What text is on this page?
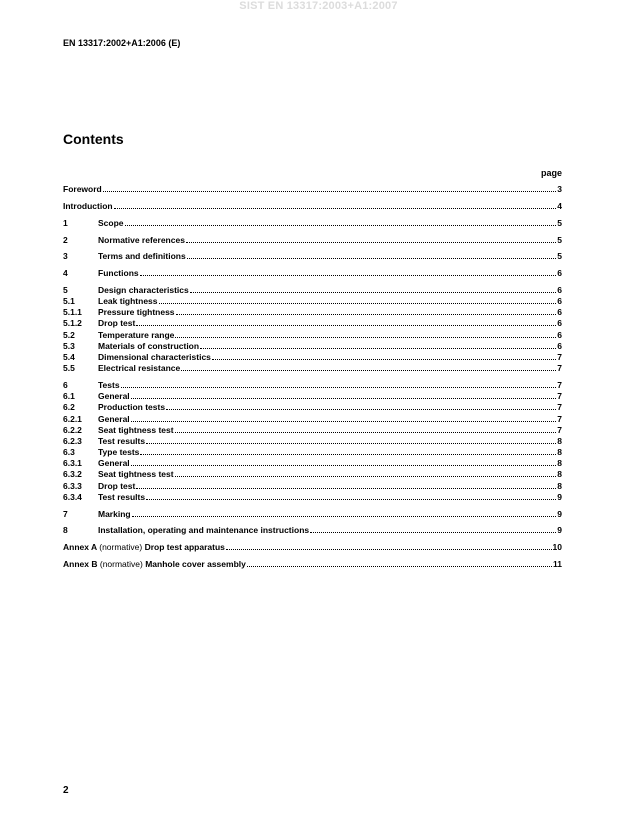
SIST EN 13317:2003+A1:2007
EN 13317:2002+A1:2006 (E)
Contents
page
Foreword	3
Introduction	4
1	Scope	5
2	Normative references	5
3	Terms and definitions	5
4	Functions	6
5	Design characteristics	6
5.1	Leak tightness	6
5.1.1	Pressure tightness	6
5.1.2	Drop test	6
5.2	Temperature range	6
5.3	Materials of construction	6
5.4	Dimensional characteristics	7
5.5	Electrical resistance	7
6	Tests	7
6.1	General	7
6.2	Production tests	7
6.2.1	General	7
6.2.2	Seat tightness test	7
6.2.3	Test results	8
6.3	Type tests	8
6.3.1	General	8
6.3.2	Seat tightness test	8
6.3.3	Drop test	8
6.3.4	Test results	9
7	Marking	9
8	Installation, operating and maintenance instructions	9
Annex A (normative) Drop test apparatus	10
Annex B (normative) Manhole cover assembly	11
2
